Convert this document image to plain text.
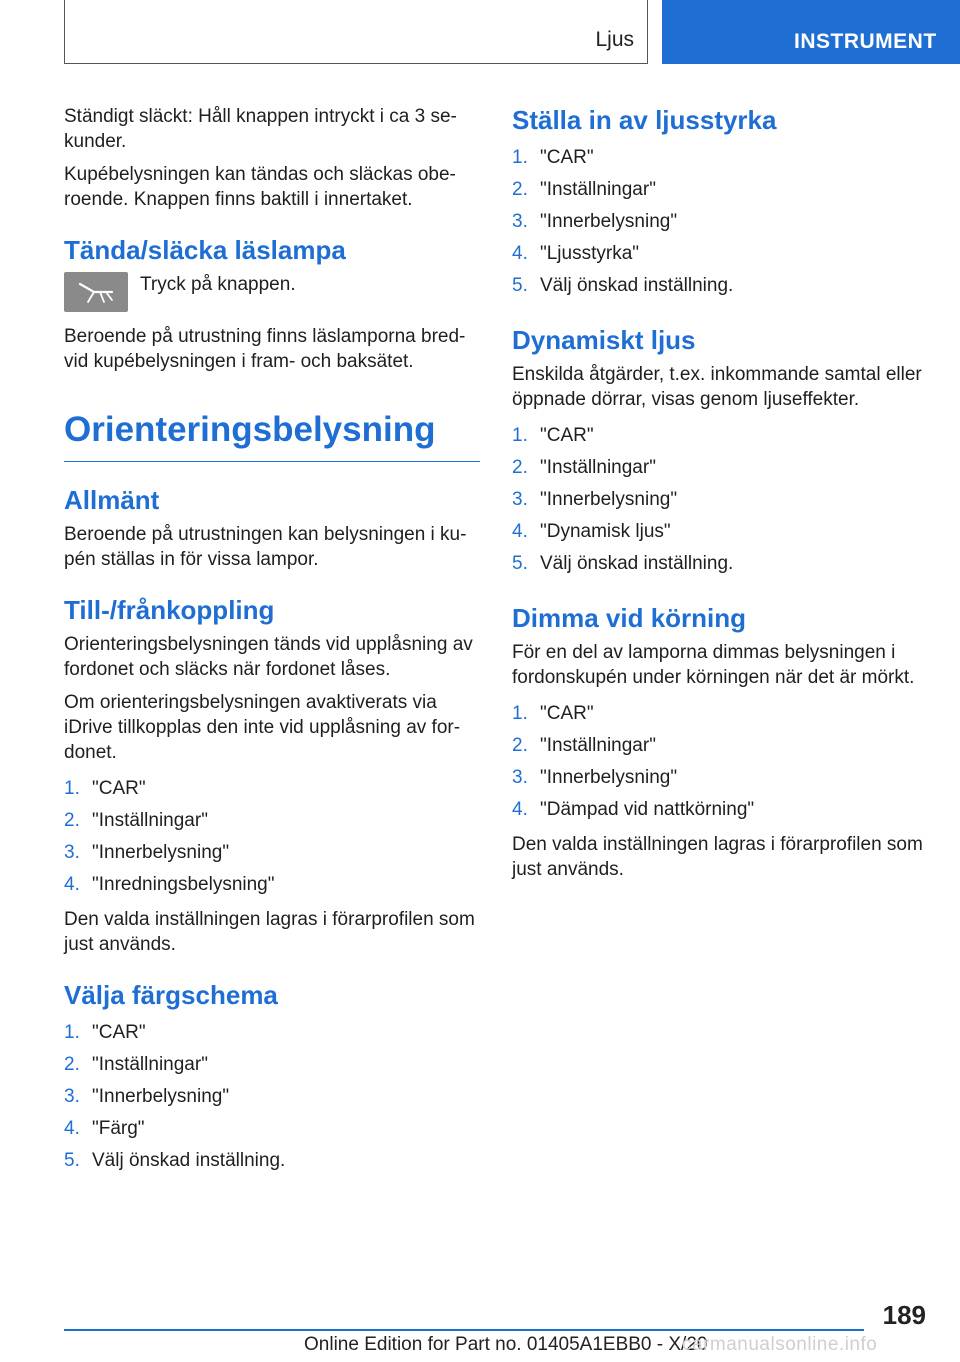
Ljus	INSTRUMENT

Ständigt släckt: Håll knappen intryckt i ca 3 se-kunder.

Kupébelysningen kan tändas och släckas obe-roende. Knappen finns baktill i innertaket.

Tända/släcka läslampa
Tryck på knappen.

Beroende på utrustning finns läslamporna bred-vid kupébelysningen i fram- och baksätet.

Orienteringsbelysning
Allmänt

Beroende på utrustningen kan belysningen i ku-pén ställas in för vissa lampor.

Till-/frånkoppling

Orienteringsbelysningen tänds vid upplåsning av fordonet och släcks när fordonet låses.

Om orienteringsbelysningen avaktiverats via iDrive tillkopplas den inte vid upplåsning av for-donet.

1. "CAR"
2. "Inställningar"
3. "Innerbelysning"
4. "Inredningsbelysning"

Den valda inställningen lagras i förarprofilen som just används.

Välja färgschema
1. "CAR"
2. "Inställningar"
3. "Innerbelysning"
4. "Färg"
5. Välj önskad inställning.
Ställa in av ljusstyrka
1. "CAR"
2. "Inställningar"
3. "Innerbelysning"
4. "Ljusstyrka"
5. Välj önskad inställning.
Dynamiskt ljus

Enskilda åtgärder, t.ex. inkommande samtal eller öppnade dörrar, visas genom ljuseffekter.

1. "CAR"
2. "Inställningar"
3. "Innerbelysning"
4. "Dynamisk ljus"
5. Välj önskad inställning.
Dimma vid körning

För en del av lamporna dimmas belysningen i fordonskupén under körningen när det är mörkt.

1. "CAR"
2. "Inställningar"
3. "Innerbelysning"
4. "Dämpad vid nattkörning"

Den valda inställningen lagras i förarprofilen som just används.

189
Online Edition for Part no. 01405A1EBB0 - X/20
carmanualsonline.info
